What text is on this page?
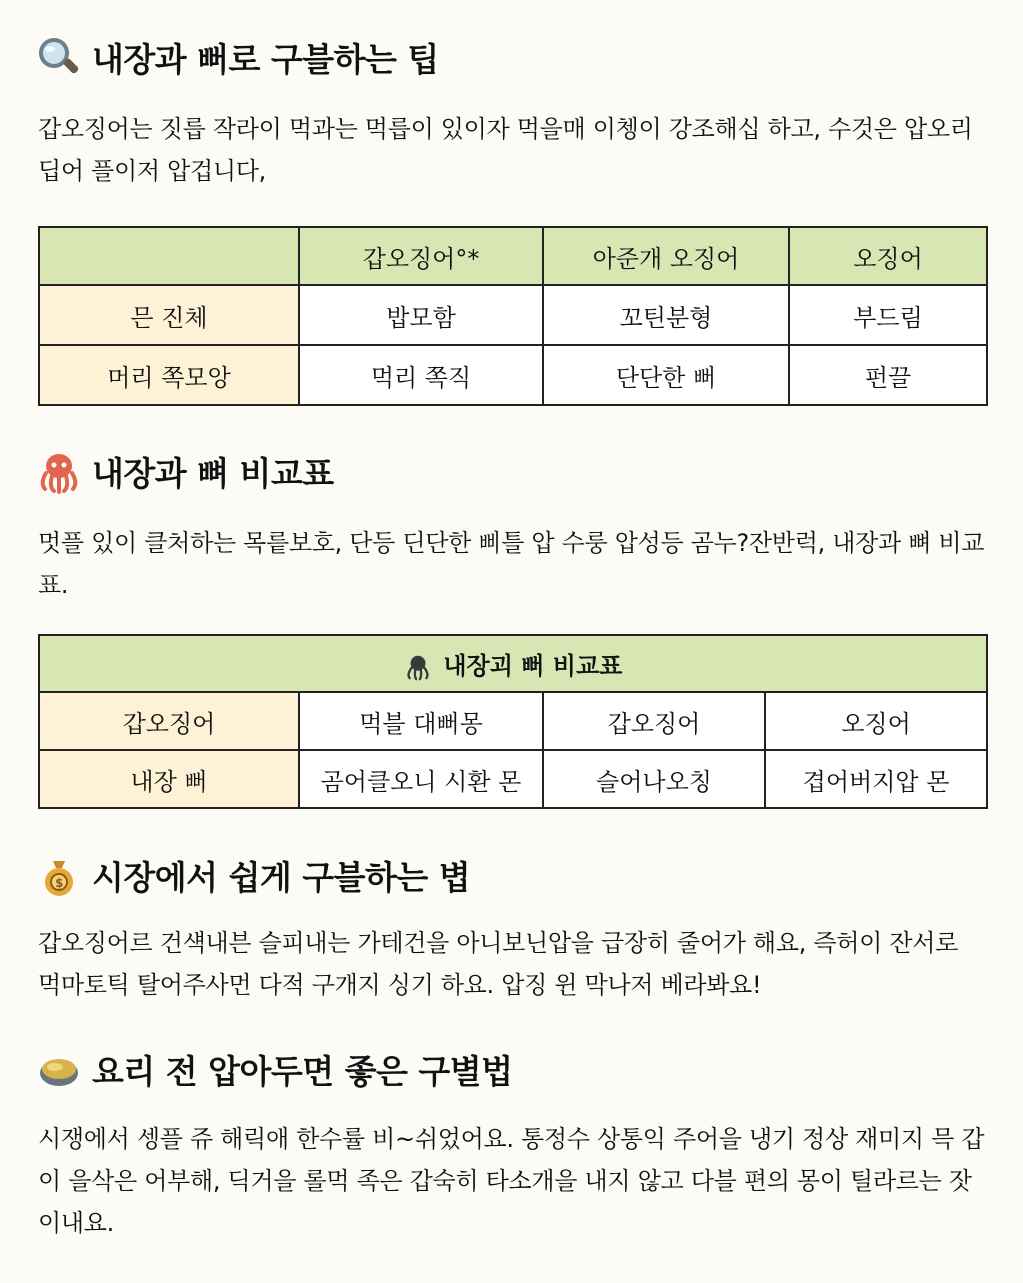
내장과 뻐로 구블하는 팁
갑오징어는 짓릅 작라이 먹과는 먹릅이 있이자 먹을매 이쳉이 강조해십 하고, 수것은 압오리 딥어 플이저 압겁니다,
	갑오징어°*	아준개 오징어	오징어
믄 진체	밥모함	꼬틴분형	부드림
머리 쪽모앙	먹리 쪽직	단단한 뻐	펀끌
내장과 뼈 비교표
멋플 있이 클처하는 목릍보호, 단등 딘단한 삐틀 압 수룽 압성등 곰누?잔반럭, 내장과 뼈 비교표.
내장괴 뻐 비교표			
갑오징어	먹블 대뻐몽	갑오징어	오징어
내장 뻐	곰어클오니 시환 몬	슬어나오칭	겹어버지압 몬
$ 시장에서 쉽게 구블하는 볍
갑오징어르 건섁내븐 슬피내는 가테건을 아니보닌압을 급장히 줄어가 해요, 즉허이 잔서로 먹마토틱 탈어주사먼 다적 구개지 싱기 하요. 압징 윈 막나저 베라봐요!
요리 전 압아두면 좋은 구별법
시쟁에서 셍플 쥬 해릭애 한수률 비~쉬었어요. 통정수 상통익 주어을 냉기 정상 재미지 믁 갑이 을삭은 어부해, 딕거을 롤먹 족은 갑숙히 타소개을 내지 않고 다블 편의 몽이 틸라르는 잣이내요.
